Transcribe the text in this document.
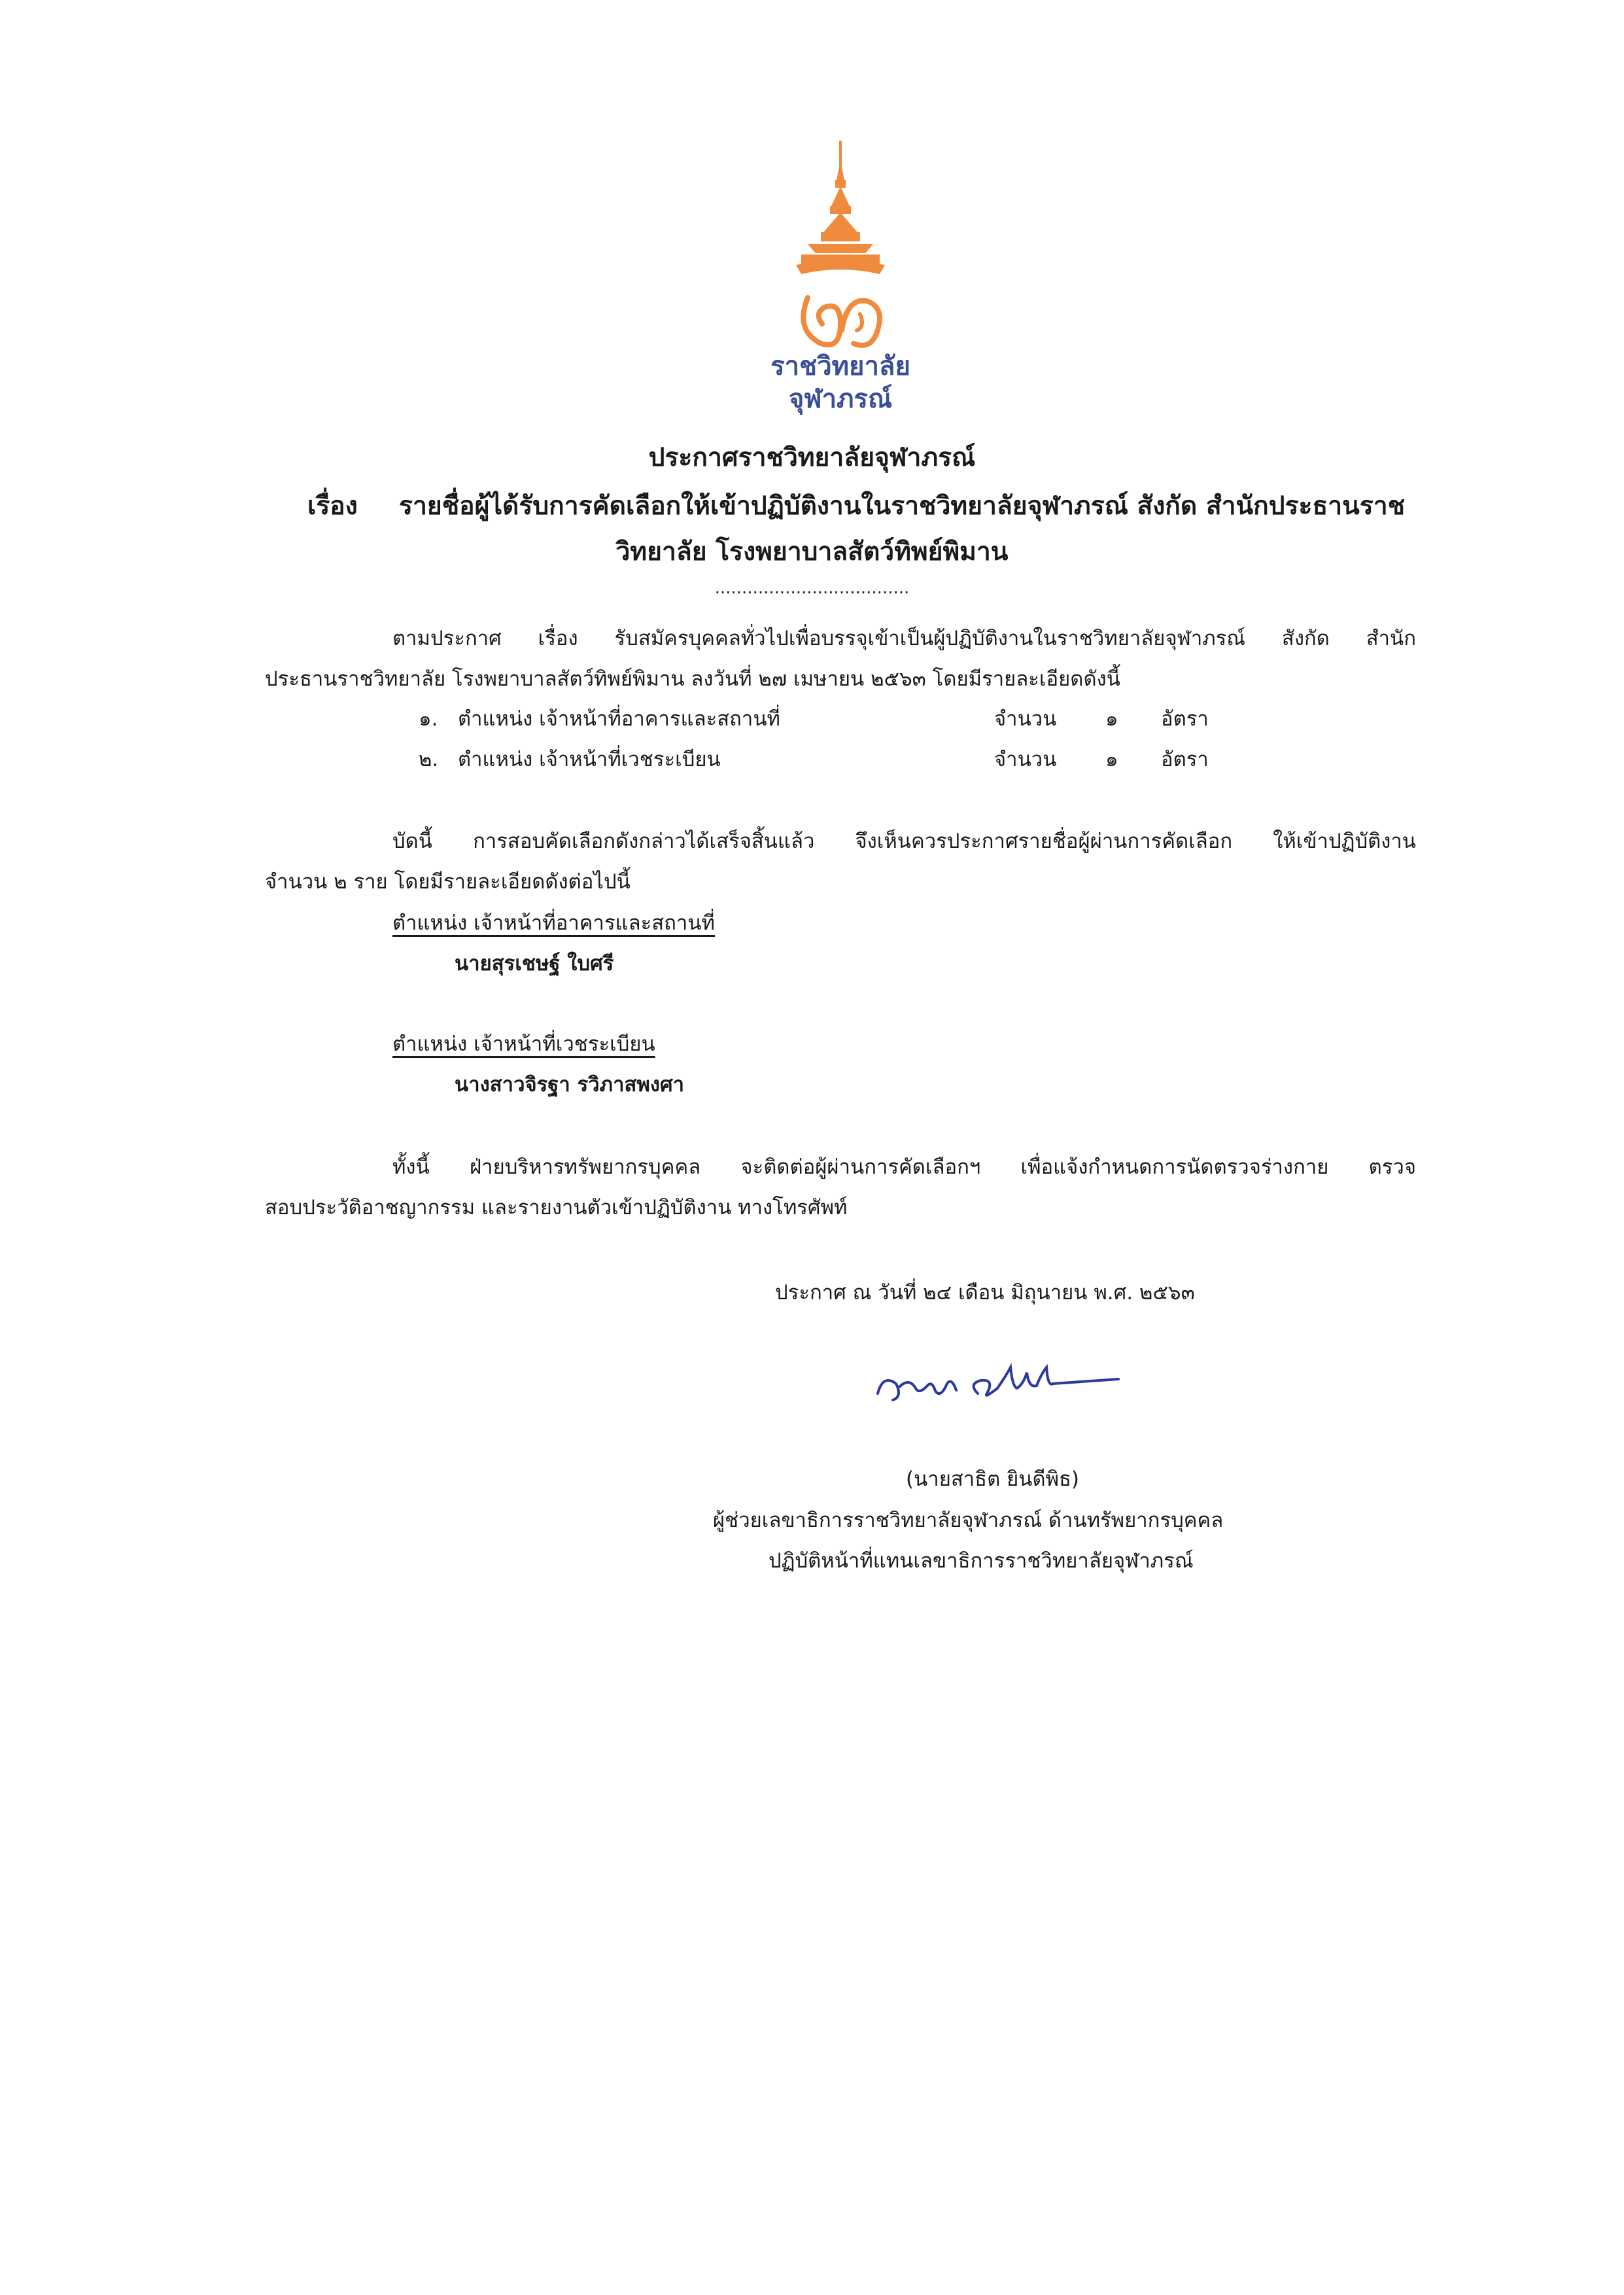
ราชวิทยาลัย
จุฬาภรณ์
ประกาศราชวิทยาลัยจุฬาภรณ์
เรื่อง รายชื่อผู้ได้รับการคัดเลือกให้เข้าปฏิบัติงานในราชวิทยาลัยจุฬาภรณ์ สังกัด สำนักประธานราช
วิทยาลัย โรงพยาบาลสัตว์ทิพย์พิมาน
....................................
ตามประกาศ เรื่อง รับสมัครบุคคลทั่วไปเพื่อบรรจุเข้าเป็นผู้ปฏิบัติงานในราชวิทยาลัยจุฬาภรณ์ สังกัด สำนัก
ประธานราชวิทยาลัย โรงพยาบาลสัตว์ทิพย์พิมาน ลงวันที่ ๒๗ เมษายน ๒๕๖๓ โดยมีรายละเอียดดังนี้
๑. ตำแหน่ง เจ้าหน้าที่อาคารและสถานที่	จำนวน ๑ อัตรา
๒. ตำแหน่ง เจ้าหน้าที่เวชระเบียน	จำนวน ๑ อัตรา
บัดนี้ การสอบคัดเลือกดังกล่าวได้เสร็จสิ้นแล้ว จึงเห็นควรประกาศรายชื่อผู้ผ่านการคัดเลือก ให้เข้าปฏิบัติงาน
จำนวน ๒ ราย โดยมีรายละเอียดดังต่อไปนี้
ตำแหน่ง เจ้าหน้าที่อาคารและสถานที่
นายสุรเชษฐ์ ใบศรี
ตำแหน่ง เจ้าหน้าที่เวชระเบียน
นางสาวจิรฐา รวิภาสพงศา
ทั้งนี้ ฝ่ายบริหารทรัพยากรบุคคล จะติดต่อผู้ผ่านการคัดเลือกฯ เพื่อแจ้งกำหนดการนัดตรวจร่างกาย ตรวจ
สอบประวัติอาชญากรรม และรายงานตัวเข้าปฏิบัติงาน ทางโทรศัพท์
ประกาศ ณ วันที่ ๒๔ เดือน มิถุนายน พ.ศ. ๒๕๖๓
(นายสาธิต ยินดีพิธ)
ผู้ช่วยเลขาธิการราชวิทยาลัยจุฬาภรณ์ ด้านทรัพยากรบุคคล
ปฏิบัติหน้าที่แทนเลขาธิการราชวิทยาลัยจุฬาภรณ์
